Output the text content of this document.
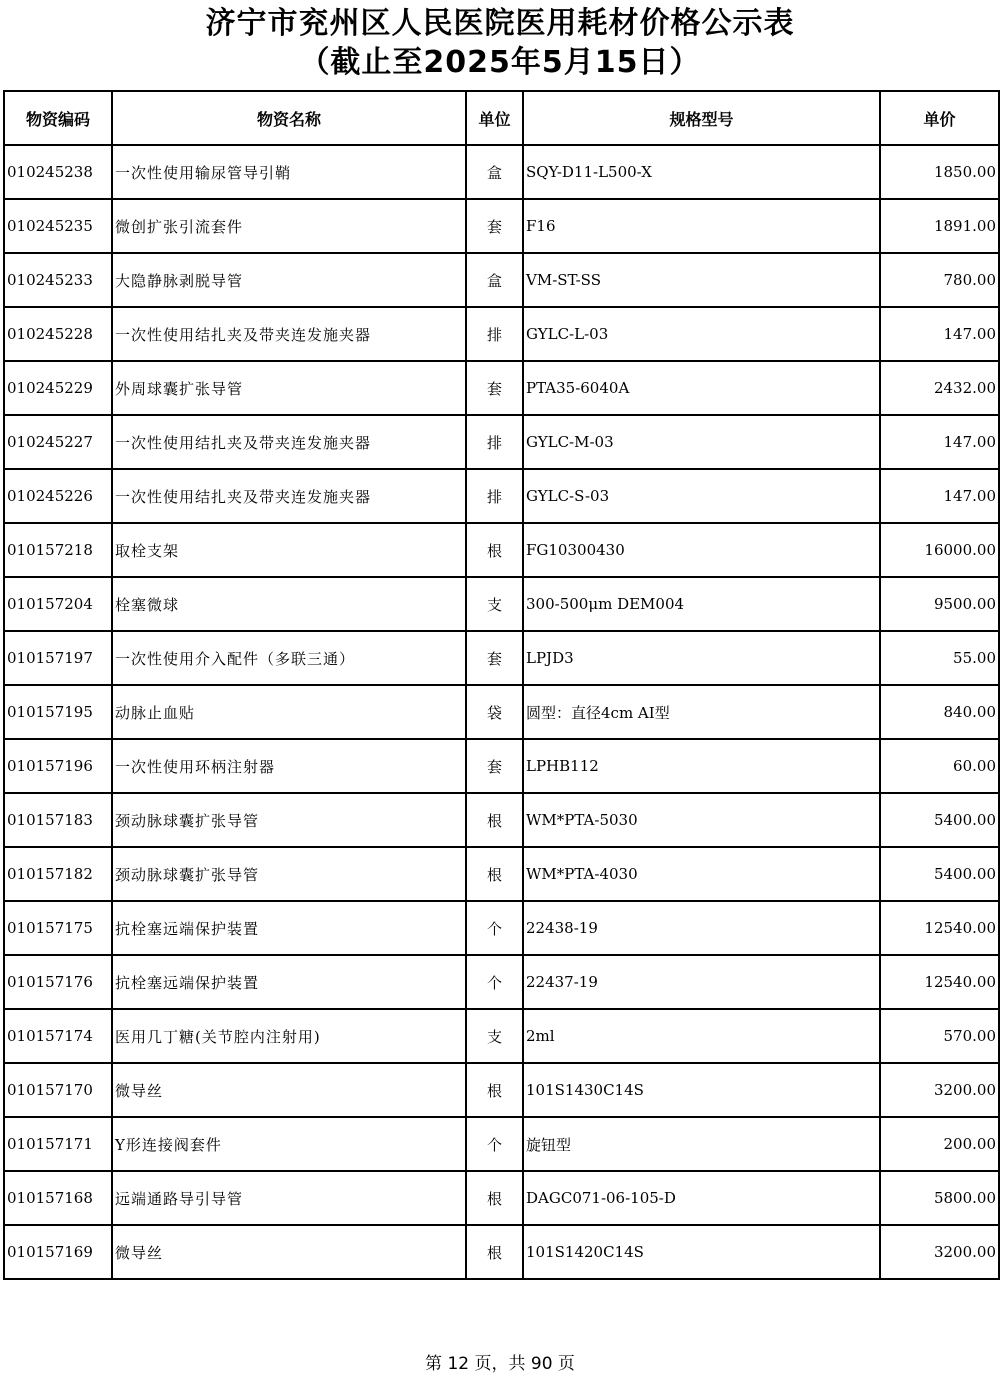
济宁市兖州区人民医院医用耗材价格公示表
（截止至2025年5月15日）
物资编码	物资名称	单位	规格型号	单价
010245238	一次性使用输尿管导引鞘	盒	SQY-D11-L500-X	1850.00
010245235	微创扩张引流套件	套	F16	1891.00
010245233	大隐静脉剥脱导管	盒	VM-ST-SS	780.00
010245228	一次性使用结扎夹及带夹连发施夹器	排	GYLC-L-03	147.00
010245229	外周球囊扩张导管	套	PTA35-6040A	2432.00
010245227	一次性使用结扎夹及带夹连发施夹器	排	GYLC-M-03	147.00
010245226	一次性使用结扎夹及带夹连发施夹器	排	GYLC-S-03	147.00
010157218	取栓支架	根	FG10300430	16000.00
010157204	栓塞微球	支	300-500μm DEM004	9500.00
010157197	一次性使用介入配件（多联三通）	套	LPJD3	55.00
010157195	动脉止血贴	袋	圆型：直径4cm AI型	840.00
010157196	一次性使用环柄注射器	套	LPHB112	60.00
010157183	颈动脉球囊扩张导管	根	WM*PTA-5030	5400.00
010157182	颈动脉球囊扩张导管	根	WM*PTA-4030	5400.00
010157175	抗栓塞远端保护装置	个	22438-19	12540.00
010157176	抗栓塞远端保护装置	个	22437-19	12540.00
010157174	医用几丁糖(关节腔内注射用)	支	2ml	570.00
010157170	微导丝	根	101S1430C14S	3200.00
010157171	Y形连接阀套件	个	旋钮型	200.00
010157168	远端通路导引导管	根	DAGC071-06-105-D	5800.00
010157169	微导丝	根	101S1420C14S	3200.00
第 12 页，共 90 页
